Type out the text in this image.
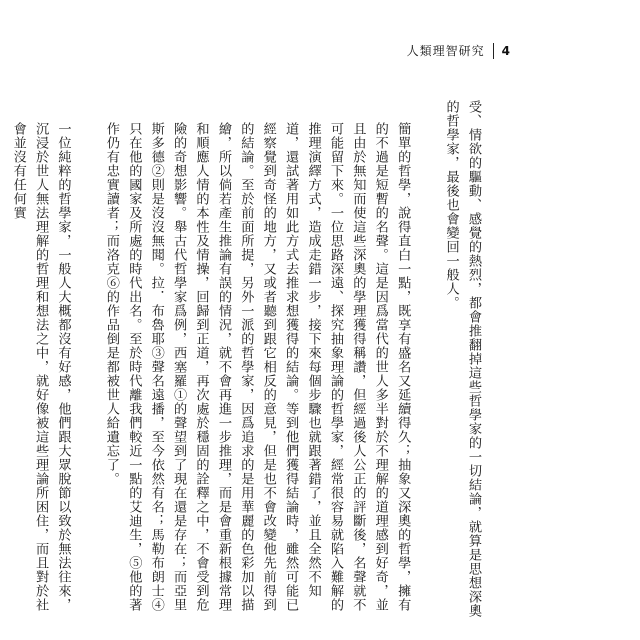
人類理智研究 4

受、情欲的驅動、感覺的熱烈，都會推翻掉這些哲學家的一切結論，就算是思想深奧的哲學家，最後也會變回一般人。

簡單的哲學，說得直白一點，既享有盛名又延續得久；抽象又深奧的哲學，擁有的不過是短暫的名聲。這是因爲當代的世人多半對於不理解的道理感到好奇，並且由於無知而使這些深奧的學理獲得稱讚，但經過後人公正的評斷後，名聲就不可能留下來。一位思路深遠、探究抽象理論的哲學家，經常很容易就陷入難解的推理演繹方式，造成走錯一步，接下來每個步驟也就跟著錯了，並且全然不知道，還試著用如此方式去推求想獲得的結論。等到他們獲得結論時，雖然可能已經察覺到奇怪的地方，又或者聽到跟它相反的意見，但是也不會改變他先前得到的結論。至於前面所提，另外一派的哲學家，因爲追求的是用華麗的色彩加以描繪，所以倘若產生推論有誤的情況，就不會再進一步推理，而是會重新根據常理和順應人情的本性及情操，回歸到正道，再次處於穩固的詮釋之中，不會受到危險的奇想影響。舉古代哲學家爲例，西塞羅①的聲望到了現在還是存在；而亞里斯多德②則是沒沒無聞。拉．布魯耶③聲名遠播，至今依然有名；馬勒布朗士④只在他的國家及所處的時代出名。至於時代離我們較近一點的艾迪生，⑤他的著作仍有忠實讀者；而洛克⑥的作品倒是都被世人給遺忘了。

一位純粹的哲學家，一般人大概都沒有好感，他們跟大眾脫節以致於無法往來，沉浸於世人無法理解的哲理和想法之中，就好像被這些理論所困住，而且對於社會並沒有任何實
